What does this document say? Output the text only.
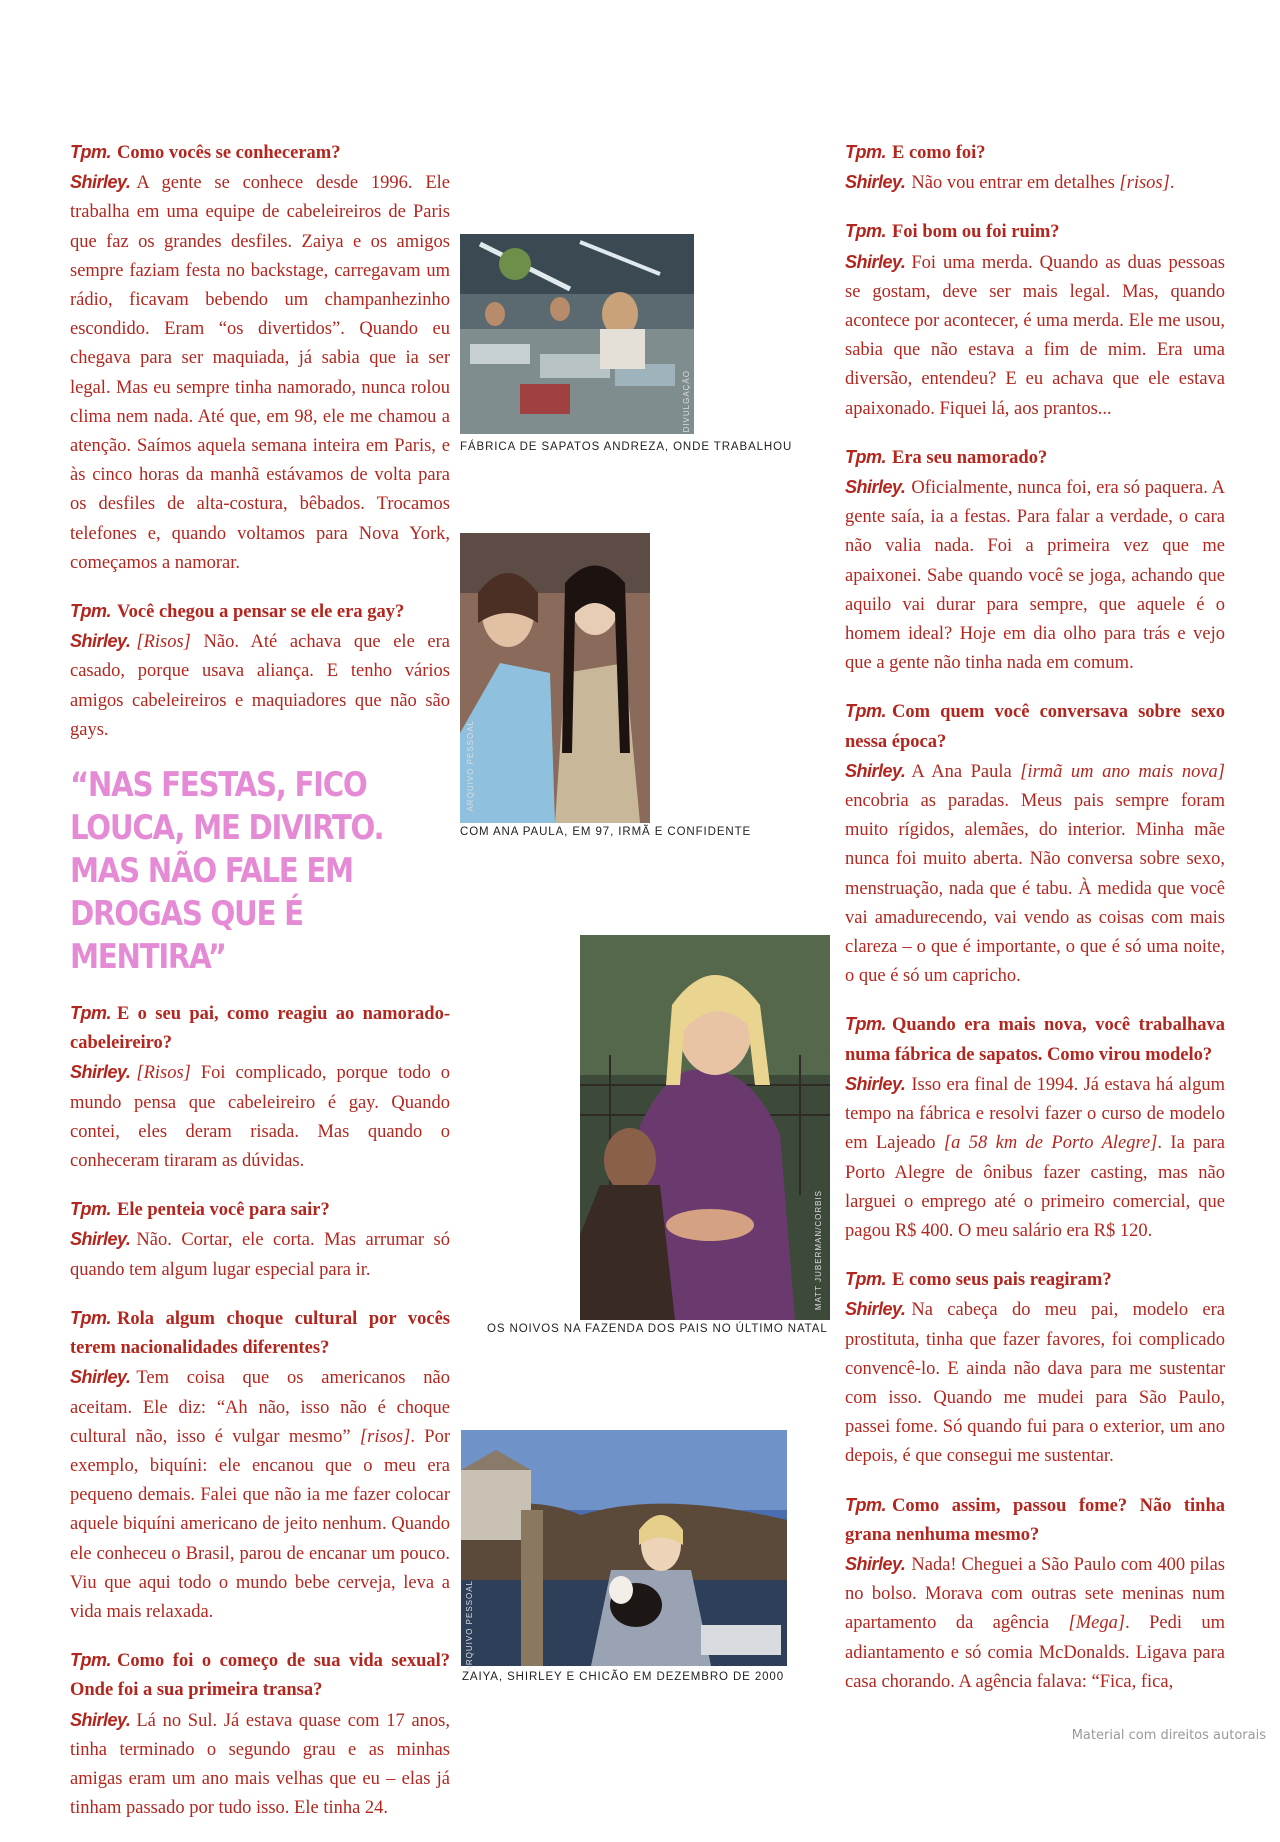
Tpm. Como vocês se conheceram?
Shirley. A gente se conhece desde 1996. Ele trabalha em uma equipe de cabeleireiros de Paris que faz os grandes desfiles. Zaiya e os amigos sempre faziam festa no backstage, carregavam um rádio, ficavam bebendo um champanhezinho escondido. Eram “os divertidos”. Quando eu chegava para ser maquiada, já sabia que ia ser legal. Mas eu sempre tinha namorado, nunca rolou clima nem nada. Até que, em 98, ele me chamou a atenção. Saímos aquela semana inteira em Paris, e às cinco horas da manhã estávamos de volta para os desfiles de alta-costura, bêbados. Trocamos telefones e, quando voltamos para Nova York, começamos a namorar.
Tpm. Você chegou a pensar se ele era gay?
Shirley. [Risos] Não. Até achava que ele era casado, porque usava aliança. E tenho vários amigos cabeleireiros e maquiadores que não são gays.
“NAS FESTAS, FICO LOUCA, ME DIVIRTO. MAS NÃO FALE EM DROGAS QUE É MENTIRA”
Tpm. E o seu pai, como reagiu ao namorado-cabeleireiro?
Shirley. [Risos] Foi complicado, porque todo o mundo pensa que cabeleireiro é gay. Quando contei, eles deram risada. Mas quando o conheceram tiraram as dúvidas.
Tpm. Ele penteia você para sair?
Shirley. Não. Cortar, ele corta. Mas arrumar só quando tem algum lugar especial para ir.
Tpm. Rola algum choque cultural por vocês terem nacionalidades diferentes?
Shirley. Tem coisa que os americanos não aceitam. Ele diz: “Ah não, isso não é choque cultural não, isso é vulgar mesmo” [risos]. Por exemplo, biquíni: ele encanou que o meu era pequeno demais. Falei que não ia me fazer colocar aquele biquíni americano de jeito nenhum. Quando ele conheceu o Brasil, parou de encanar um pouco. Viu que aqui todo o mundo bebe cerveja, leva a vida mais relaxada.
Tpm. Como foi o começo de sua vida sexual? Onde foi a sua primeira transa?
Shirley. Lá no Sul. Já estava quase com 17 anos, tinha terminado o segundo grau e as minhas amigas eram um ano mais velhas que eu – elas já tinham passado por tudo isso. Ele tinha 24.
Tpm. E como foi?
Shirley. Não vou entrar em detalhes [risos].
Tpm. Foi bom ou foi ruim?
Shirley. Foi uma merda. Quando as duas pessoas se gostam, deve ser mais legal. Mas, quando acontece por acontecer, é uma merda. Ele me usou, sabia que não estava a fim de mim. Era uma diversão, entendeu? E eu achava que ele estava apaixonado. Fiquei lá, aos prantos...
Tpm. Era seu namorado?
Shirley. Oficialmente, nunca foi, era só paquera. A gente saía, ia a festas. Para falar a verdade, o cara não valia nada. Foi a primeira vez que me apaixonei. Sabe quando você se joga, achando que aquilo vai durar para sempre, que aquele é o homem ideal? Hoje em dia olho para trás e vejo que a gente não tinha nada em comum.
Tpm. Com quem você conversava sobre sexo nessa época?
Shirley. A Ana Paula [irmã um ano mais nova] encobria as paradas. Meus pais sempre foram muito rígidos, alemães, do interior. Minha mãe nunca foi muito aberta. Não conversa sobre sexo, menstruação, nada que é tabu. À medida que você vai amadurecendo, vai vendo as coisas com mais clareza – o que é importante, o que é só uma noite, o que é só um capricho.
Tpm. Quando era mais nova, você trabalhava numa fábrica de sapatos. Como virou modelo?
Shirley. Isso era final de 1994. Já estava há algum tempo na fábrica e resolvi fazer o curso de modelo em Lajeado [a 58 km de Porto Alegre]. Ia para Porto Alegre de ônibus fazer casting, mas não larguei o emprego até o primeiro comercial, que pagou R$ 400. O meu salário era R$ 120.
Tpm. E como seus pais reagiram?
Shirley. Na cabeça do meu pai, modelo era prostituta, tinha que fazer favores, foi complicado convencê-lo. E ainda não dava para me sustentar com isso. Quando me mudei para São Paulo, passei fome. Só quando fui para o exterior, um ano depois, é que consegui me sustentar.
Tpm. Como assim, passou fome? Não tinha grana nenhuma mesmo?
Shirley. Nada! Cheguei a São Paulo com 400 pilas no bolso. Morava com outras sete meninas num apartamento da agência [Mega]. Pedi um adiantamento e só comia McDonalds. Ligava para casa chorando. A agência falava: “Fica, fica,
DIVULGAÇÃO
FÁBRICA DE SAPATOS ANDREZA, ONDE TRABALHOU
ARQUIVO PESSOAL
COM ANA PAULA, EM 97, IRMÃ E CONFIDENTE
MATT JUBERMAN/CORBIS
OS NOIVOS NA FAZENDA DOS PAIS NO ÚLTIMO NATAL
ARQUIVO PESSOAL
ZAIYA, SHIRLEY E CHICÃO EM DEZEMBRO DE 2000
Material com direitos autorais
